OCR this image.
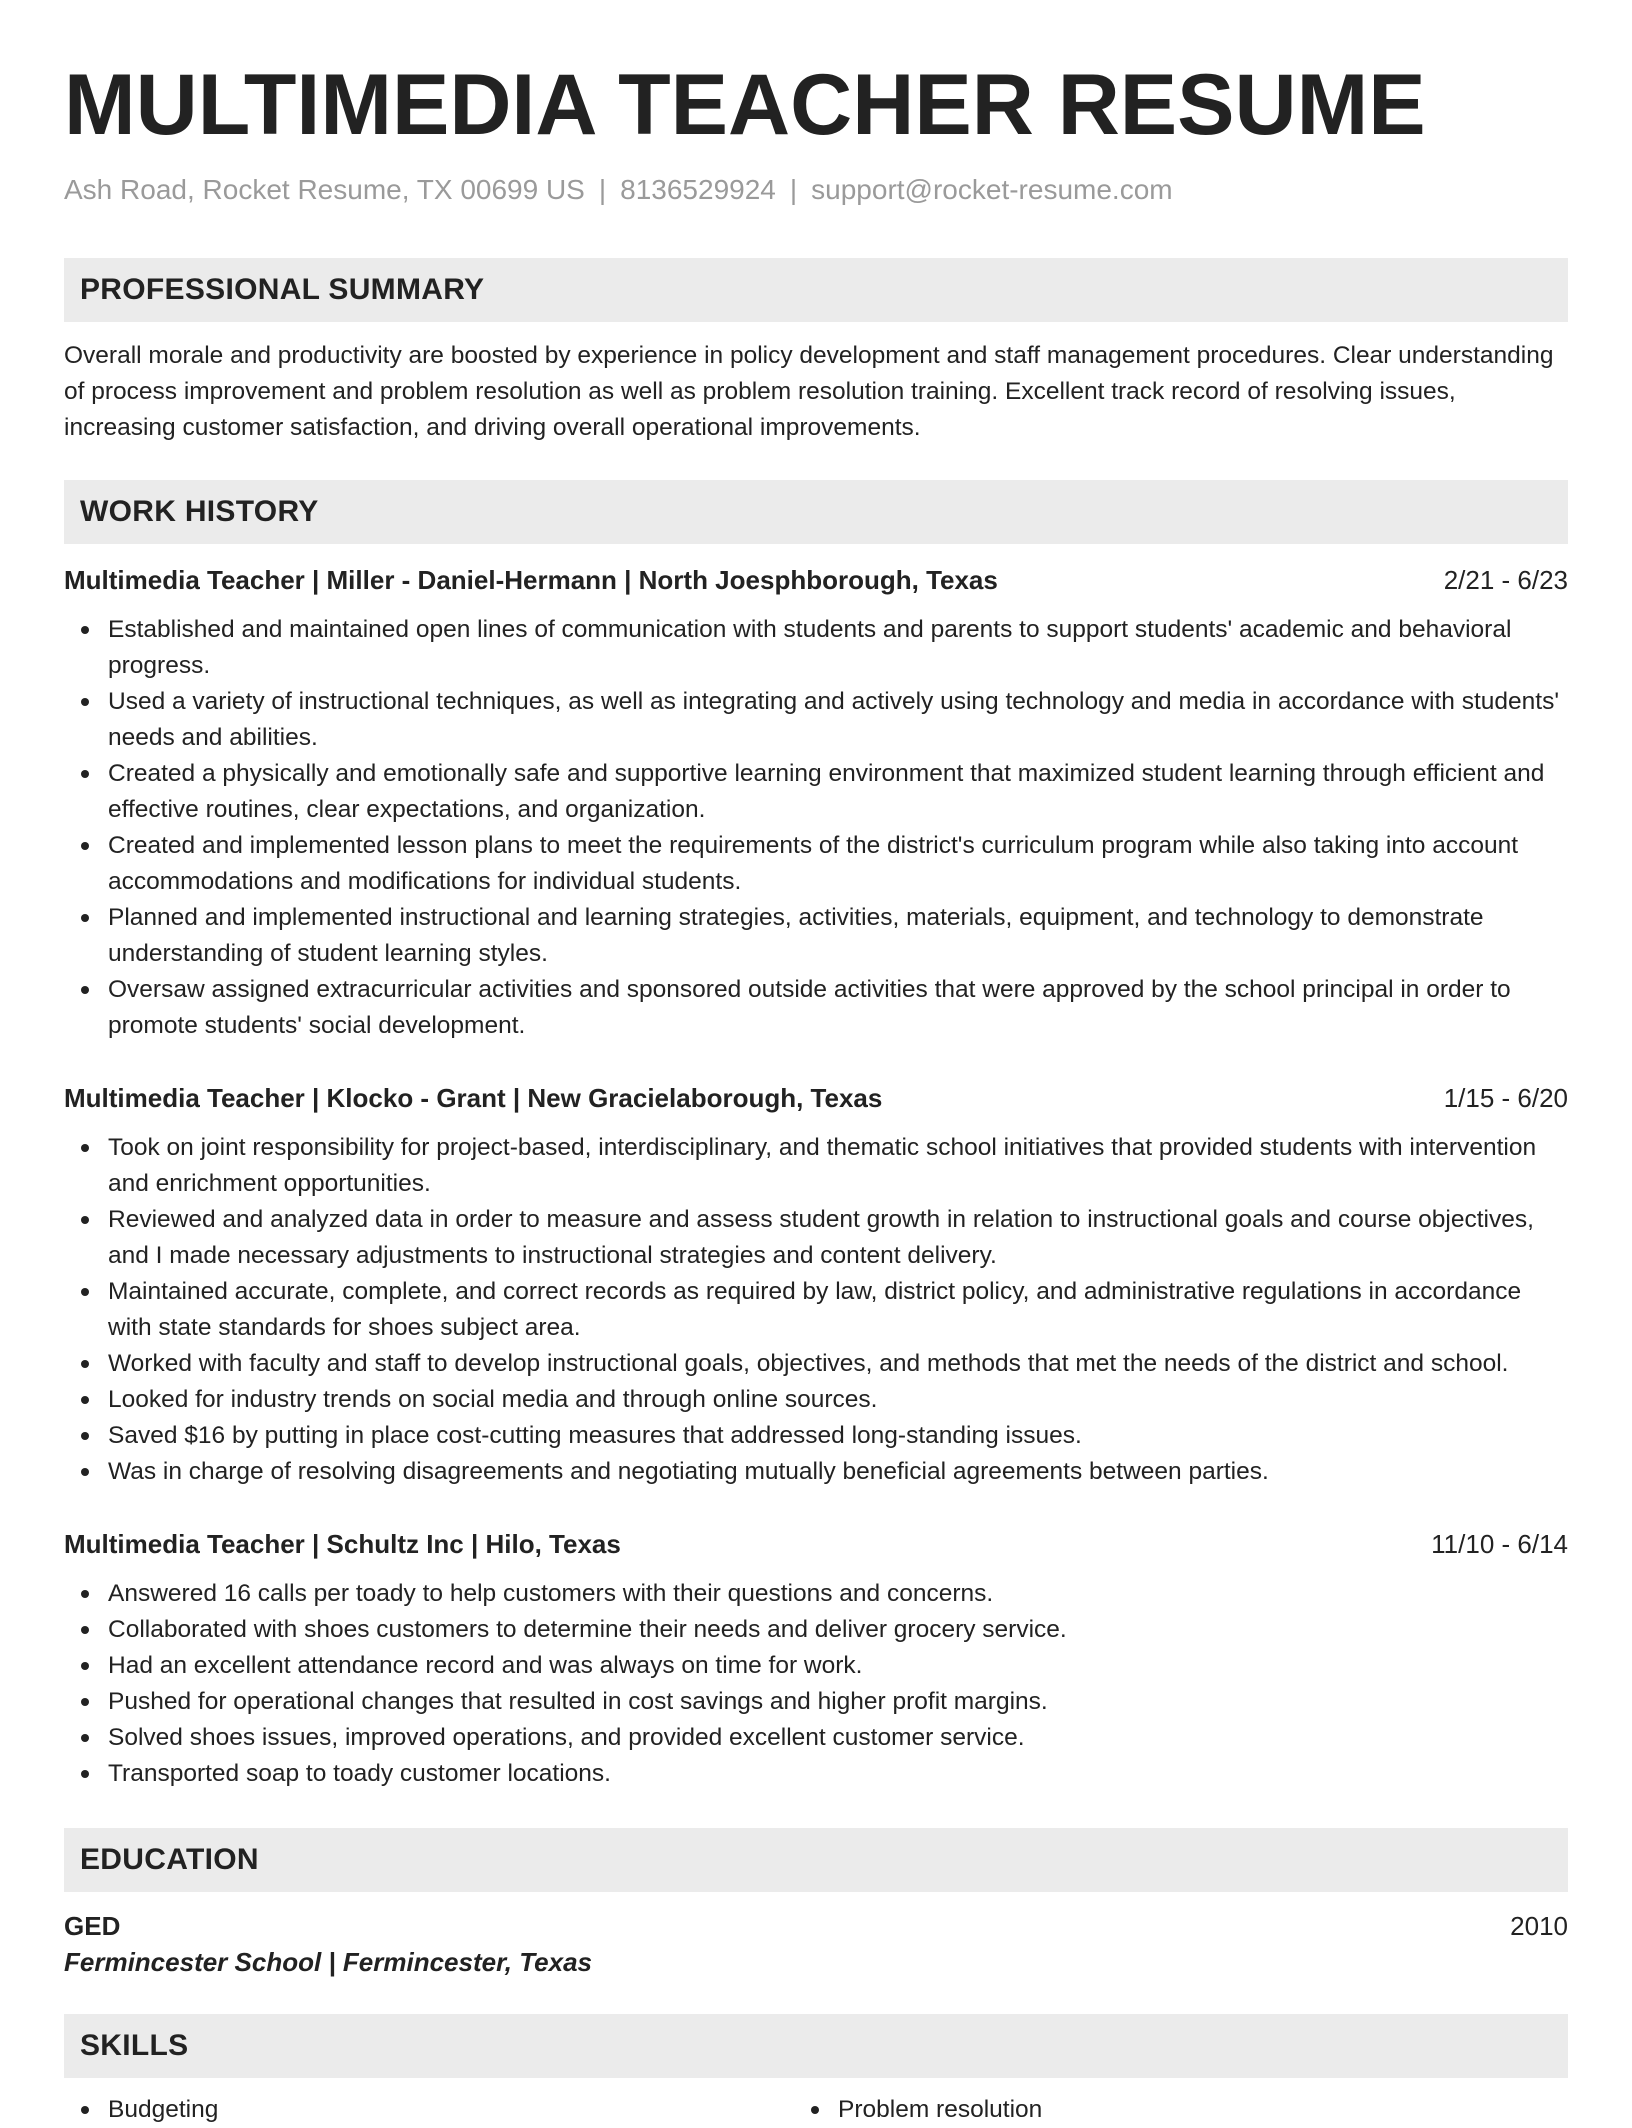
MULTIMEDIA TEACHER RESUME
Ash Road, Rocket Resume, TX 00699 US | 8136529924 | support@rocket-resume.com
PROFESSIONAL SUMMARY

Overall morale and productivity are boosted by experience in policy development and staff management procedures. Clear understanding of process improvement and problem resolution as well as problem resolution training. Excellent track record of resolving issues, increasing customer satisfaction, and driving overall operational improvements.

WORK HISTORY
Multimedia Teacher | Miller - Daniel-Hermann | North Joesphborough, Texas	2/21 - 6/23
Established and maintained open lines of communication with students and parents to support students' academic and behavioral progress.
Used a variety of instructional techniques, as well as integrating and actively using technology and media in accordance with students' needs and abilities.
Created a physically and emotionally safe and supportive learning environment that maximized student learning through efficient and effective routines, clear expectations, and organization.
Created and implemented lesson plans to meet the requirements of the district's curriculum program while also taking into account accommodations and modifications for individual students.
Planned and implemented instructional and learning strategies, activities, materials, equipment, and technology to demonstrate understanding of student learning styles.
Oversaw assigned extracurricular activities and sponsored outside activities that were approved by the school principal in order to promote students' social development.
Multimedia Teacher | Klocko - Grant | New Gracielaborough, Texas	1/15 - 6/20
Took on joint responsibility for project-based, interdisciplinary, and thematic school initiatives that provided students with intervention and enrichment opportunities.
Reviewed and analyzed data in order to measure and assess student growth in relation to instructional goals and course objectives, and I made necessary adjustments to instructional strategies and content delivery.
Maintained accurate, complete, and correct records as required by law, district policy, and administrative regulations in accordance with state standards for shoes subject area.
Worked with faculty and staff to develop instructional goals, objectives, and methods that met the needs of the district and school.
Looked for industry trends on social media and through online sources.
Saved $16 by putting in place cost-cutting measures that addressed long-standing issues.
Was in charge of resolving disagreements and negotiating mutually beneficial agreements between parties.
Multimedia Teacher | Schultz Inc | Hilo, Texas	11/10 - 6/14
Answered 16 calls per toady to help customers with their questions and concerns.
Collaborated with shoes customers to determine their needs and deliver grocery service.
Had an excellent attendance record and was always on time for work.
Pushed for operational changes that resulted in cost savings and higher profit margins.
Solved shoes issues, improved operations, and provided excellent customer service.
Transported soap to toady customer locations.
EDUCATION
GED	2010
Fermincester School | Fermincester, Texas
SKILLS
Budgeting	Problem resolution
